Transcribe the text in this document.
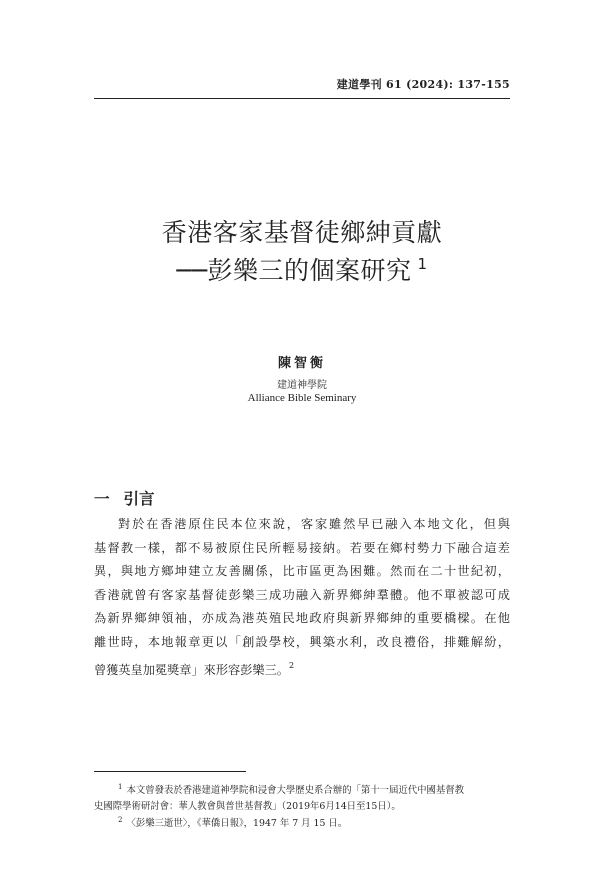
建道學刊 61 (2024): 137-155
香港客家基督徒鄉紳貢獻
──彭樂三的個案研究 $^1$
陳智衡
建道神學院
Alliance Bible Seminary
一 引言
對於在香港原住民本位來說，客家雖然早已融入本地文化，但與
基督教一樣，都不易被原住民所輕易接納。若要在鄉村勢力下融合這差
異，與地方鄉坤建立友善關係，比市區更為困難。然而在二十世紀初，
香港就曾有客家基督徒彭樂三成功融入新界鄉紳羣體。他不單被認可成
為新界鄉紳領袖，亦成為港英殖民地政府與新界鄉紳的重要橋樑。在他
離世時，本地報章更以「創設學校，興築水利，改良禮俗，排難解紛，
曾獲英皇加冕獎章」來形容彭樂三。$^2$
$^1$ 本文曾發表於香港建道神學院和浸會大學歷史系合辦的「第十一屆近代中國基督教
史國際學術研討會：華人教會與普世基督教」（2019年6月14日至15日）。
$^2$ 〈彭樂三逝世〉，《華僑日報》，1947 年 7 月 15 日。
